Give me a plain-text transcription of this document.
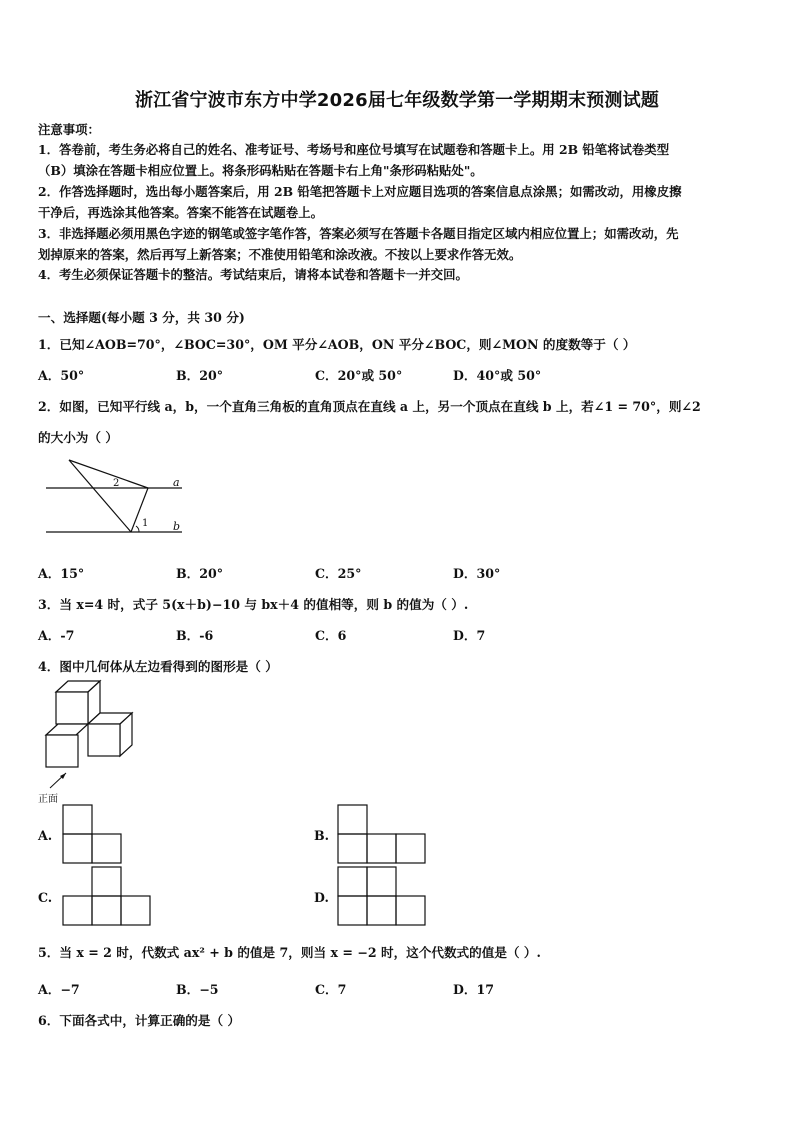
浙江省宁波市东方中学2026届七年级数学第一学期期末预测试题
注意事项：
1．答卷前，考生务必将自己的姓名、准考证号、考场号和座位号填写在试题卷和答题卡上。用 2B 铅笔将试卷类型
（B）填涂在答题卡相应位置上。将条形码粘贴在答题卡右上角"条形码粘贴处"。
2．作答选择题时，选出每小题答案后，用 2B 铅笔把答题卡上对应题目选项的答案信息点涂黑；如需改动，用橡皮擦
干净后，再选涂其他答案。答案不能答在试题卷上。
3．非选择题必须用黑色字迹的钢笔或签字笔作答，答案必须写在答题卡各题目指定区域内相应位置上；如需改动，先
划掉原来的答案，然后再写上新答案；不准使用铅笔和涂改液。不按以上要求作答无效。
4．考生必须保证答题卡的整洁。考试结束后，请将本试卷和答题卡一并交回。
一、选择题(每小题 3 分，共 30 分)
1．已知∠AOB=70°，∠BOC=30°，OM 平分∠AOB，ON 平分∠BOC，则∠MON 的度数等于（ ）
A．50°	B．20°	C．20°或 50°	D．40°或 50°
2．如图，已知平行线 a，b，一个直角三角板的直角顶点在直线 a 上，另一个顶点在直线 b 上，若∠1 = 70°，则∠2
的大小为（ ）
a
b
1
2
A．15°	B．20°	C．25°	D．30°
3．当 x=4 时，式子 5(x＋b)−10 与 bx＋4 的值相等，则 b 的值为（ ）.
A．-7	B．-6	C．6	D．7
4．图中几何体从左边看得到的图形是（ ）
正面
A.	B.
C.	D.
5．当 x = 2 时，代数式 ax² + b 的值是 7，则当 x = −2 时，这个代数式的值是（ ）.
A．−7	B．−5	C．7	D．17
6．下面各式中，计算正确的是（ ）
